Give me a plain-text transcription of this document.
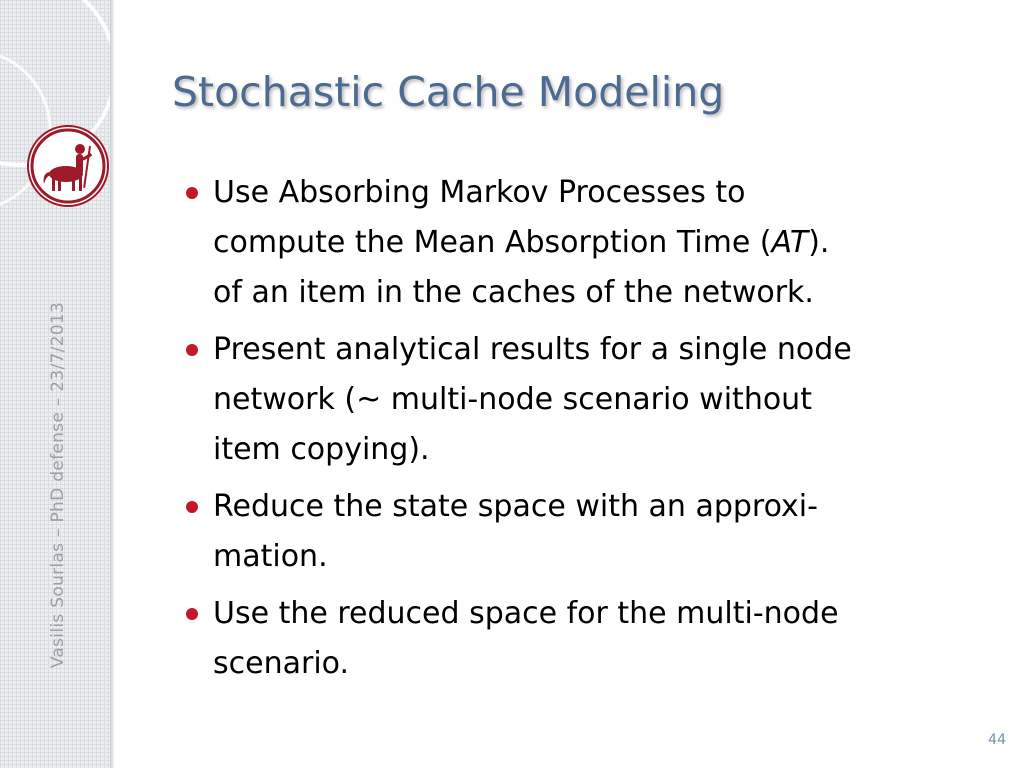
Vasilis Sourlas – PhD defense – 23/7/2013
Stochastic Cache Modeling
Use Absorbing Markov Processes to
compute the Mean Absorption Time (AT).
of an item in the caches of the network.
Present analytical results for a single node
network (~ multi-node scenario without
item copying).
Reduce the state space with an approxi-
mation.
Use the reduced space for the multi-node
scenario.
44
